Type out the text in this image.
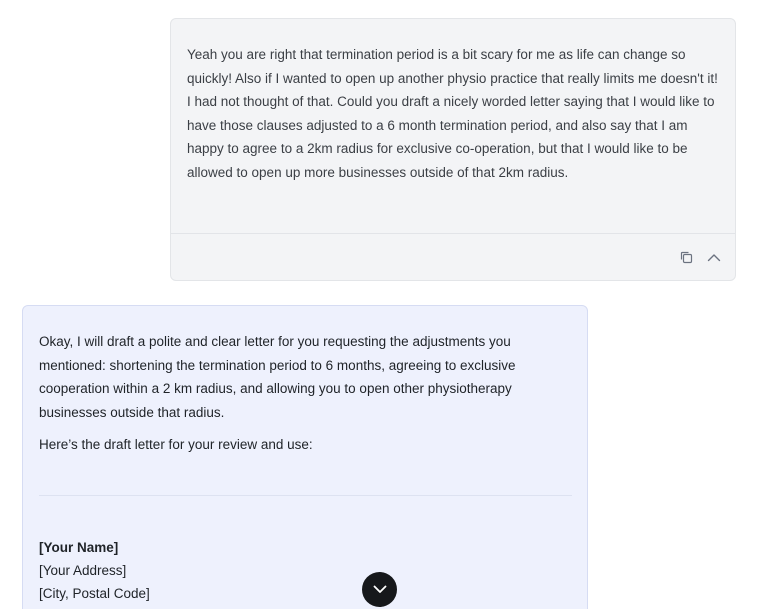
Yeah you are right that termination period is a bit scary for me as life can change so quickly! Also if I wanted to open up another physio practice that really limits me doesn't it! I had not thought of that. Could you draft a nicely worded letter saying that I would like to have those clauses adjusted to a 6 month termination period, and also say that I am happy to agree to a 2km radius for exclusive co-operation, but that I would like to be allowed to open up more businesses outside of that 2km radius.

Okay, I will draft a polite and clear letter for you requesting the adjustments you mentioned: shortening the termination period to 6 months, agreeing to exclusive cooperation within a 2 km radius, and allowing you to open other physiotherapy businesses outside that radius.

Here’s the draft letter for your review and use:

[Your Name]

[Your Address]

[City, Postal Code]
